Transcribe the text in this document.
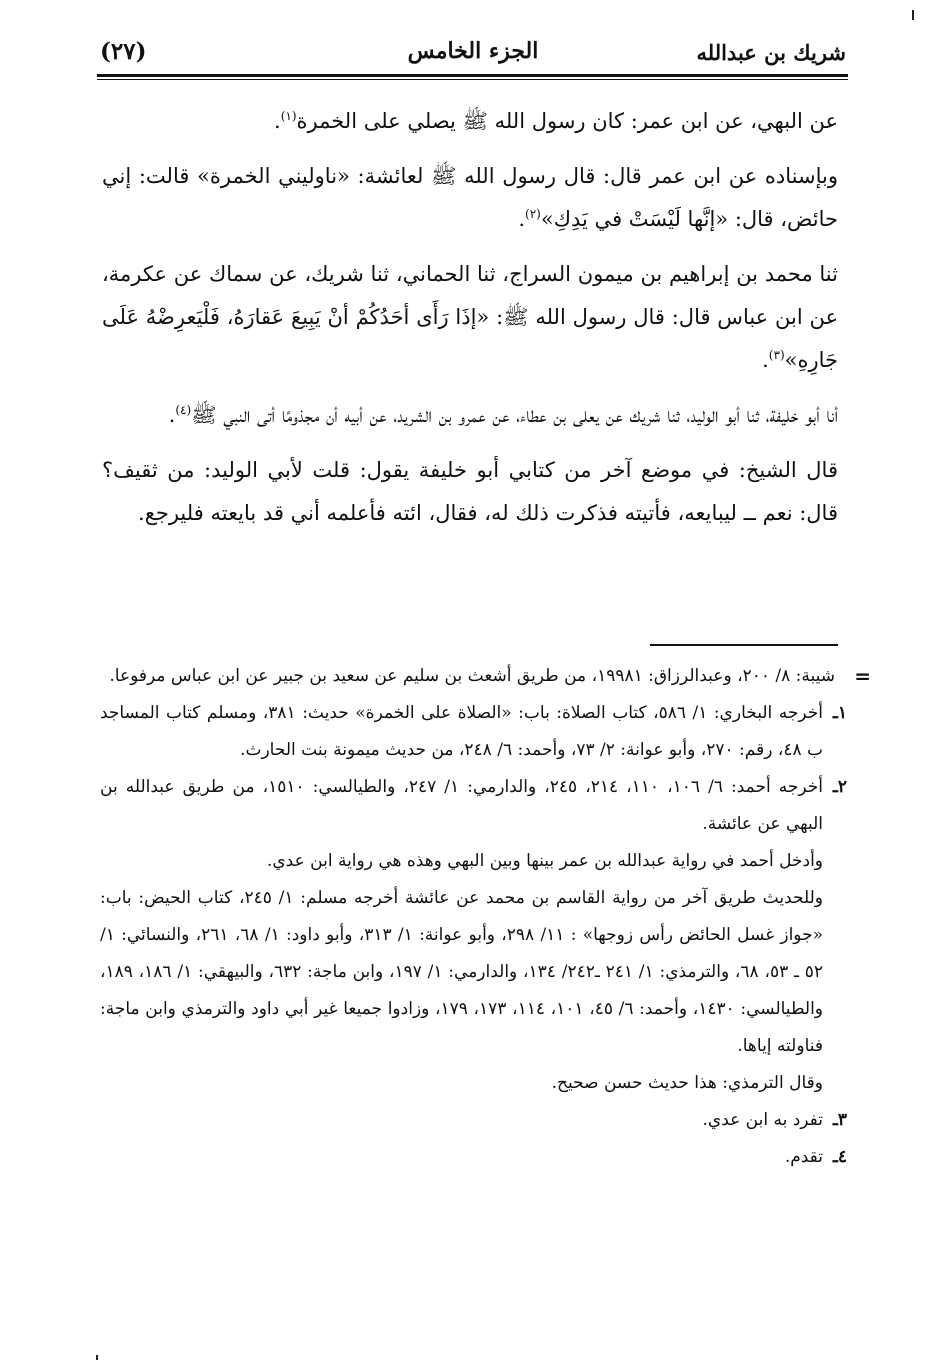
شريك بن عبدالله
الجزء الخامس
(٢٧)

عن البهي، عن ابن عمر: كان رسول الله ﷺ يصلي على الخمرة$^{(١)}$.

وبإسناده عن ابن عمر قال: قال رسول الله ﷺ لعائشة: «ناوليني الخمرة» قالت: إني حائض، قال: «إنَّها لَيْسَتْ في يَدِكِ»$^{(٢)}$.

ثنا محمد بن إبراهيم بن ميمون السراج، ثنا الحماني، ثنا شريك، عن سماك عن عكرمة، عن ابن عباس قال: قال رسول الله ﷺ: «إذَا رَأَى أحَدُكُمْ أنْ يَبِيعَ عَقارَهُ، فَلْيَعرِضْهُ عَلَى جَارِهِ»$^{(٣)}$.

أنا أبو خليفة، ثنا أبو الوليد، ثنا شريك عن يعلى بن عطاء، عن عمرو بن الشريد، عن أبيه أن مجذومًا أتى النبي ﷺ$^{(٤)}$.

قال الشيخ: في موضع آخر من كتابي أبو خليفة يقول: قلت لأبي الوليد: من ثقيف؟ قال: نعم ــ ليبايعه، فأتيته فذكرت ذلك له، فقال، ائته فأعلمه أني قد بايعته فليرجع.

=
شيبة: ٨/ ٢٠٠، وعبدالرزاق: ١٩٩٨١، من طريق أشعث بن سليم عن سعيد بن جبير عن ابن عباس مرفوعا.
١ـ
أخرجه البخاري: ١/ ٥٨٦، كتاب الصلاة: باب: «الصلاة على الخمرة» حديث: ٣٨١، ومسلم كتاب المساجد ب ٤٨، رقم: ٢٧٠، وأبو عوانة: ٢/ ٧٣، وأحمد: ٦/ ٢٤٨، من حديث ميمونة بنت الحارث.
٢ـ
أخرجه أحمد: ٦/ ١٠٦، ١١٠، ٢١٤، ٢٤٥، والدارمي: ١/ ٢٤٧، والطيالسي: ١٥١٠، من طريق عبدالله بن البهي عن عائشة.
وأدخل أحمد في رواية عبدالله بن عمر بينها وبين البهي وهذه هي رواية ابن عدي.
وللحديث طريق آخر من رواية القاسم بن محمد عن عائشة أخرجه مسلم: ١/ ٢٤٥، كتاب الحيض: باب: «جواز غسل الحائض رأس زوجها» : ١١/ ٢٩٨، وأبو عوانة: ١/ ٣١٣، وأبو داود: ١/ ٦٨، ٢٦١، والنسائي: ١/ ٥٢ ـ ٥٣، ٦٨، والترمذي: ١/ ٢٤١ ـ٢٤٢/ ١٣٤، والدارمي: ١/ ١٩٧، وابن ماجة: ٦٣٢، والبيهقي: ١/ ١٨٦، ١٨٩، والطيالسي: ١٤٣٠، وأحمد: ٦/ ٤٥، ١٠١، ١١٤، ١٧٣، ١٧٩، وزادوا جميعا غير أبي داود والترمذي وابن ماجة: فناولته إياها.
وقال الترمذي: هذا حديث حسن صحيح.
٣ـ
تفرد به ابن عدي.
٤ـ
تقدم.
